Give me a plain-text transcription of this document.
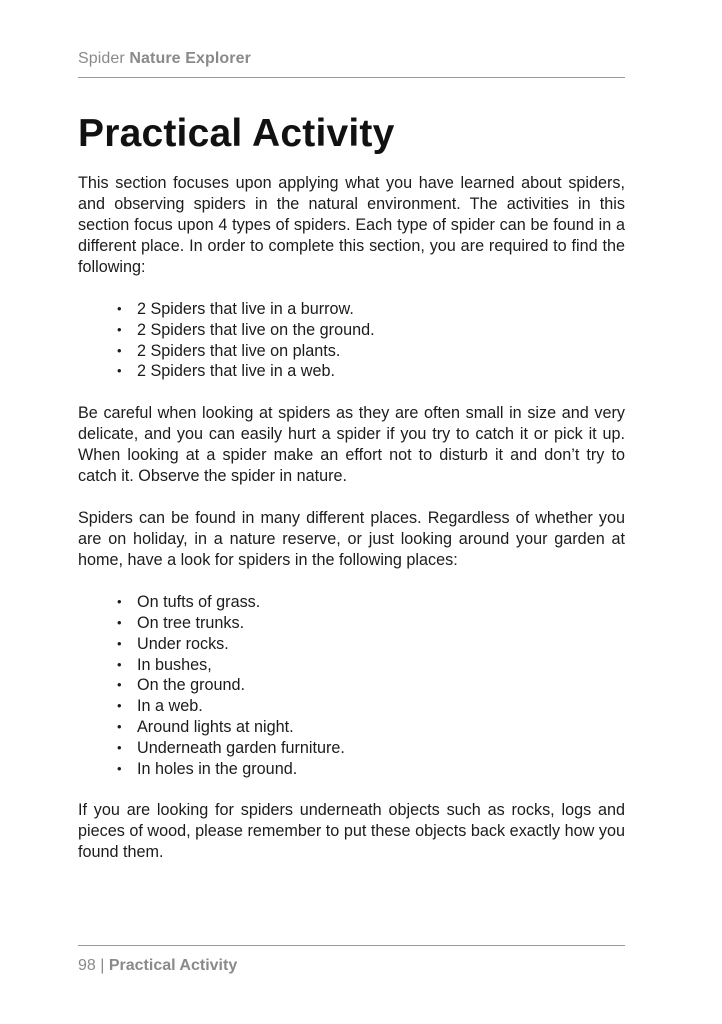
Spider Nature Explorer
Practical Activity

This section focuses upon applying what you have learned about spiders, and observing spiders in the natural environment. The activities in this section focus upon 4 types of spiders. Each type of spider can be found in a different place. In order to complete this section, you are required to find the following:

• 2 Spiders that live in a burrow.
• 2 Spiders that live on the ground.
• 2 Spiders that live on plants.
• 2 Spiders that live in a web.

Be careful when looking at spiders as they are often small in size and very delicate, and you can easily hurt a spider if you try to catch it or pick it up. When looking at a spider make an effort not to disturb it and don’t try to catch it. Observe the spider in nature.

Spiders can be found in many different places. Regardless of whether you are on holiday, in a nature reserve, or just looking around your garden at home, have a look for spiders in the following places:

• On tufts of grass.
• On tree trunks.
• Under rocks.
• In bushes,
• On the ground.
• In a web.
• Around lights at night.
• Underneath garden furniture.
• In holes in the ground.

If you are looking for spiders underneath objects such as rocks, logs and pieces of wood, please remember to put these objects back exactly how you found them.

98 | Practical Activity
